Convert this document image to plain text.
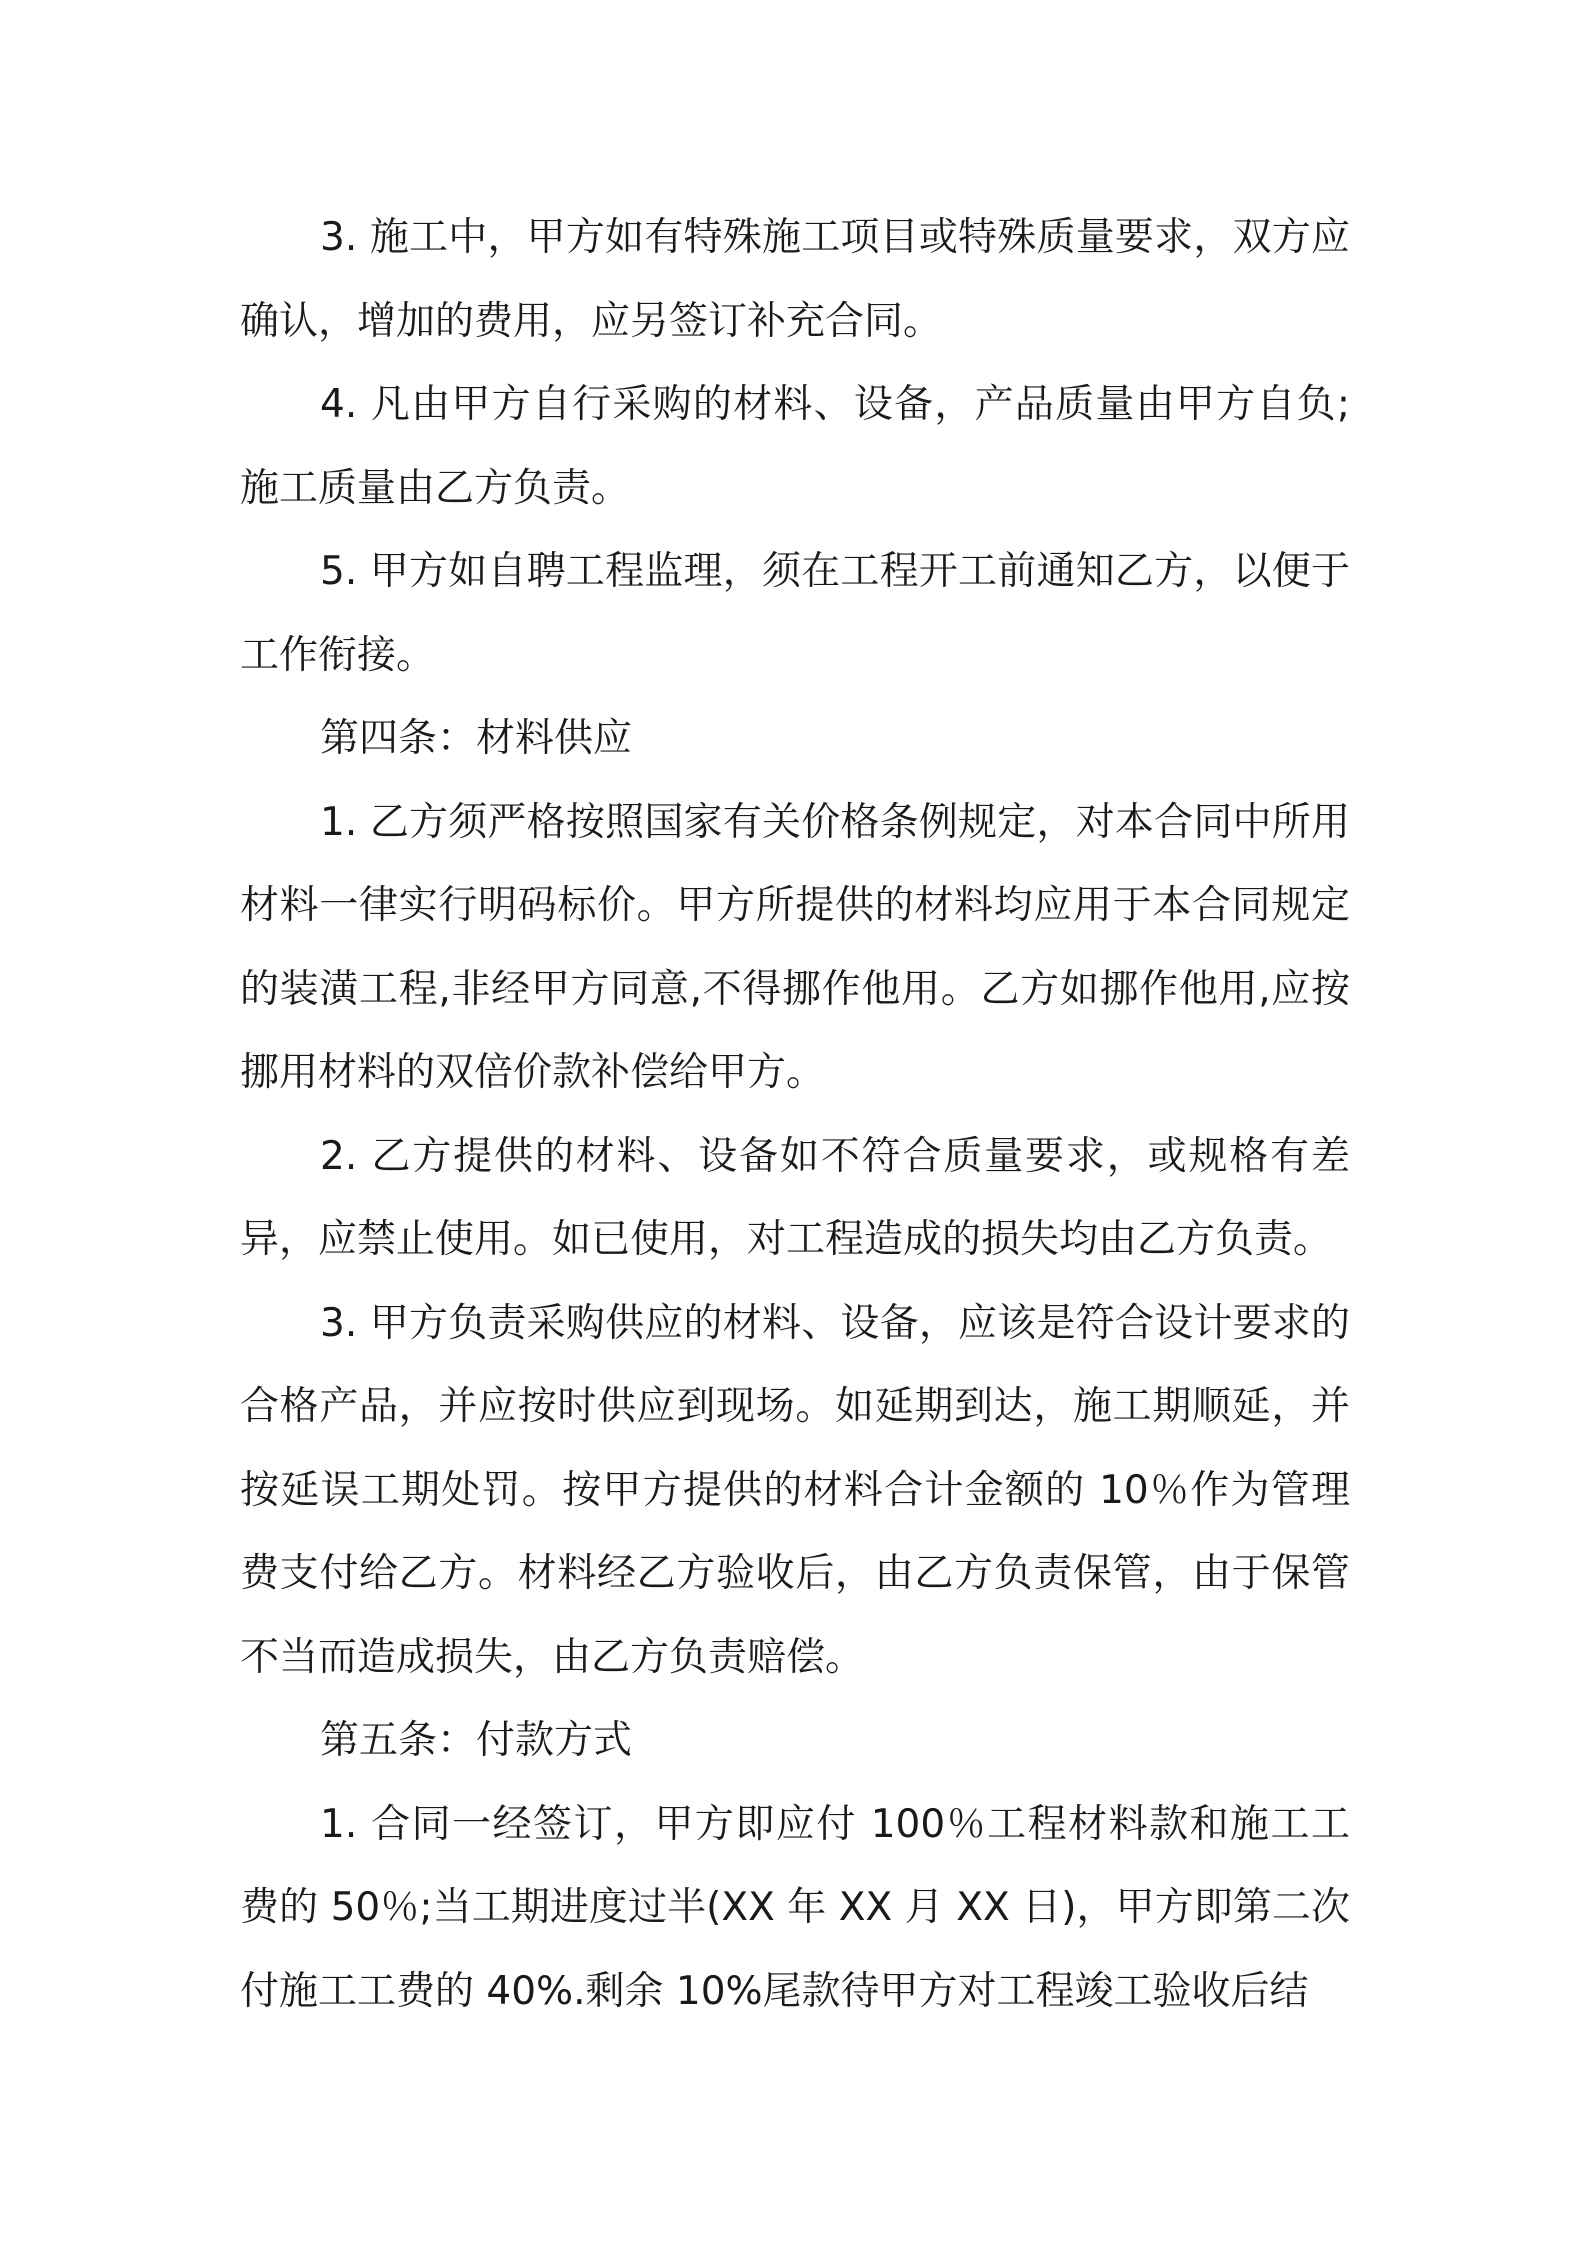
3. 施工中，甲方如有特殊施工项目或特殊质量要求，双方应确认，增加的费用，应另签订补充合同。

4. 凡由甲方自行采购的材料、设备，产品质量由甲方自负;施工质量由乙方负责。

5. 甲方如自聘工程监理，须在工程开工前通知乙方，以便于工作衔接。

第四条：材料供应

1. 乙方须严格按照国家有关价格条例规定，对本合同中所用材料一律实行明码标价。甲方所提供的材料均应用于本合同规定的装潢工程,非经甲方同意,不得挪作他用。乙方如挪作他用,应按挪用材料的双倍价款补偿给甲方。

2. 乙方提供的材料、设备如不符合质量要求，或规格有差异，应禁止使用。如已使用，对工程造成的损失均由乙方负责。

3. 甲方负责采购供应的材料、设备，应该是符合设计要求的合格产品，并应按时供应到现场。如延期到达，施工期顺延，并按延误工期处罚。按甲方提供的材料合计金额的 10％作为管理费支付给乙方。材料经乙方验收后，由乙方负责保管，由于保管不当而造成损失，由乙方负责赔偿。

第五条：付款方式

1. 合同一经签订，甲方即应付 100％工程材料款和施工工费的 50％;当工期进度过半(XX 年 XX 月 XX 日)，甲方即第二次付施工工费的 40%.剩余 10%尾款待甲方对工程竣工验收后结
